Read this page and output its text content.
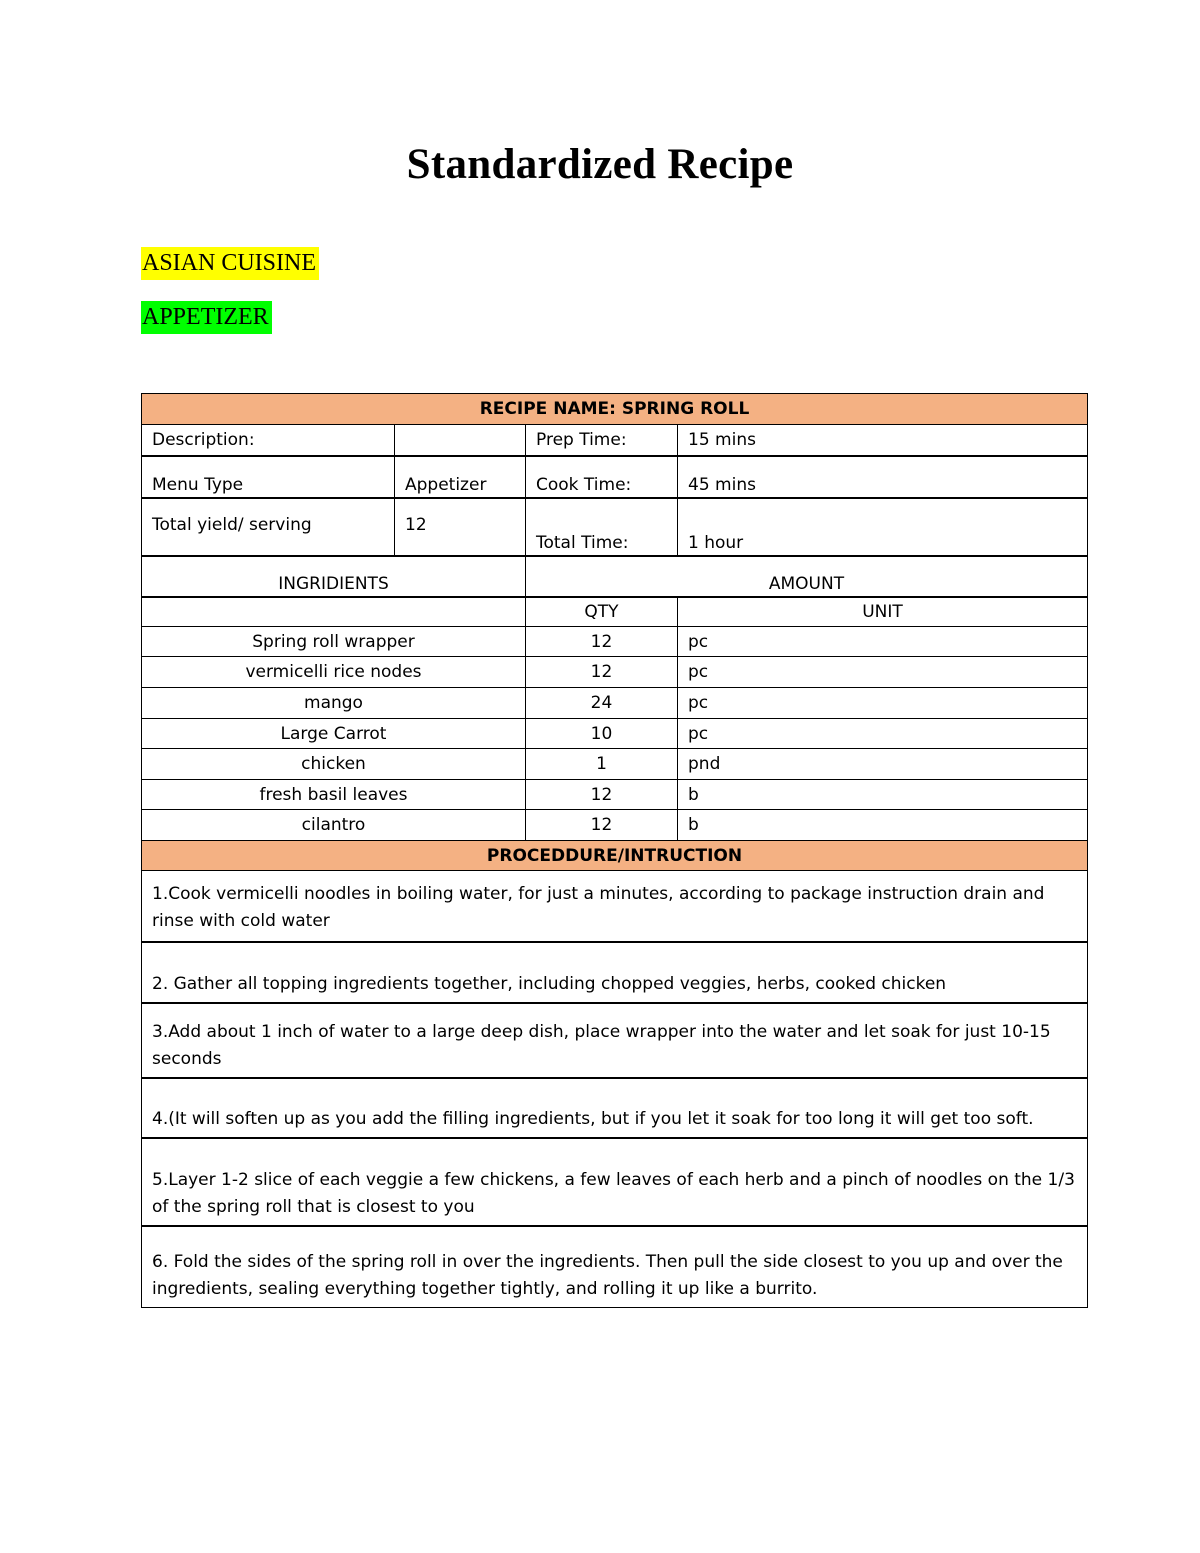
Standardized Recipe
ASIAN CUISINE
APPETIZER
RECIPE NAME: SPRING ROLL			
Description:		Prep Time:	15 mins
Menu Type	Appetizer	Cook Time:	45 mins
Total yield/ serving	12	Total Time:	1 hour
INGRIDIENTS		AMOUNT	
		QTY	UNIT
Spring roll wrapper		12	pc
vermicelli rice nodes		12	pc
mango		24	pc
Large Carrot		10	pc
chicken		1	pnd
fresh basil leaves		12	b
cilantro		12	b
PROCEDDURE/INTRUCTION			
1.Cook vermicelli noodles in boiling water, for just a minutes, according to package instruction drain and rinse with cold water			
2. Gather all topping ingredients together, including chopped veggies, herbs, cooked chicken			
3.Add about 1 inch of water to a large deep dish, place wrapper into the water and let soak for just 10-15 seconds			
4.(It will soften up as you add the filling ingredients, but if you let it soak for too long it will get too soft.			
5.Layer 1-2 slice of each veggie a few chickens, a few leaves of each herb and a pinch of noodles on the 1/3 of the spring roll that is closest to you			
6. Fold the sides of the spring roll in over the ingredients. Then pull the side closest to you up and over the ingredients, sealing everything together tightly, and rolling it up like a burrito.			
